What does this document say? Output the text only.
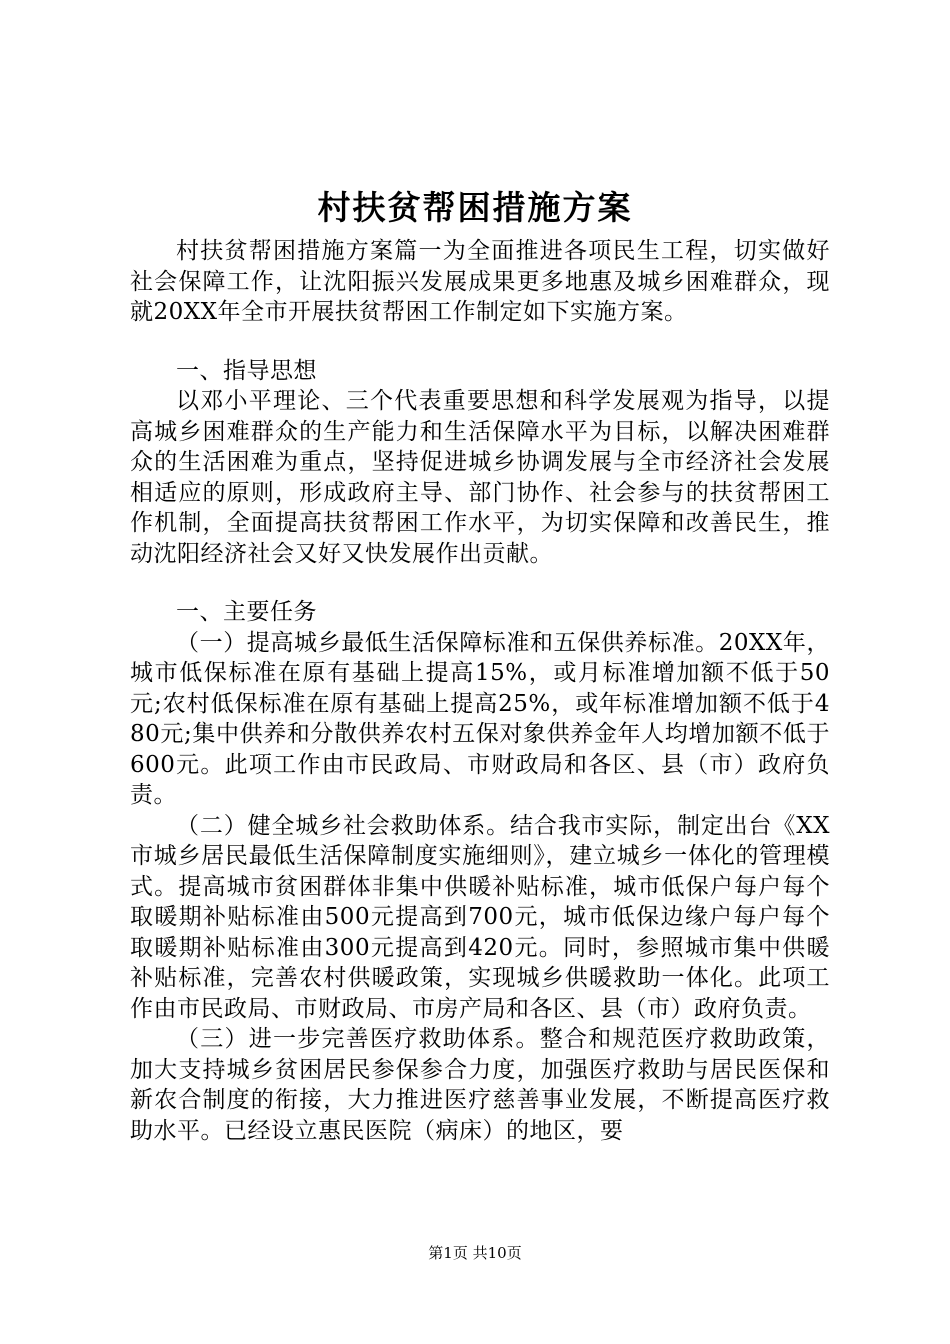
村扶贫帮困措施方案

村扶贫帮困措施方案篇一为全面推进各项民生工程，切实做好社会保障工作，让沈阳振兴发展成果更多地惠及城乡困难群众，现就20XX年全市开展扶贫帮困工作制定如下实施方案。

一、指导思想

以邓小平理论、三个代表重要思想和科学发展观为指导，以提高城乡困难群众的生产能力和生活保障水平为目标，以解决困难群众的生活困难为重点，坚持促进城乡协调发展与全市经济社会发展相适应的原则，形成政府主导、部门协作、社会参与的扶贫帮困工作机制，全面提高扶贫帮困工作水平，为切实保障和改善民生，推动沈阳经济社会又好又快发展作出贡献。

一、主要任务

（一）提高城乡最低生活保障标准和五保供养标准。20XX年，城市低保标准在原有基础上提高15%，或月标准增加额不低于50元;农村低保标准在原有基础上提高25%，或年标准增加额不低于480元;集中供养和分散供养农村五保对象供养金年人均增加额不低于600元。此项工作由市民政局、市财政局和各区、县（市）政府负责。

（二）健全城乡社会救助体系。结合我市实际，制定出台《XX市城乡居民最低生活保障制度实施细则》，建立城乡一体化的管理模式。提高城市贫困群体非集中供暖补贴标准，城市低保户每户每个取暖期补贴标准由500元提高到700元，城市低保边缘户每户每个取暖期补贴标准由300元提高到420元。同时，参照城市集中供暖补贴标准，完善农村供暖政策，实现城乡供暖救助一体化。此项工作由市民政局、市财政局、市房产局和各区、县（市）政府负责。

（三）进一步完善医疗救助体系。整合和规范医疗救助政策，加大支持城乡贫困居民参保参合力度，加强医疗救助与居民医保和新农合制度的衔接，大力推进医疗慈善事业发展，不断提高医疗救助水平。已经设立惠民医院（病床）的地区，要

第1页 共10页
